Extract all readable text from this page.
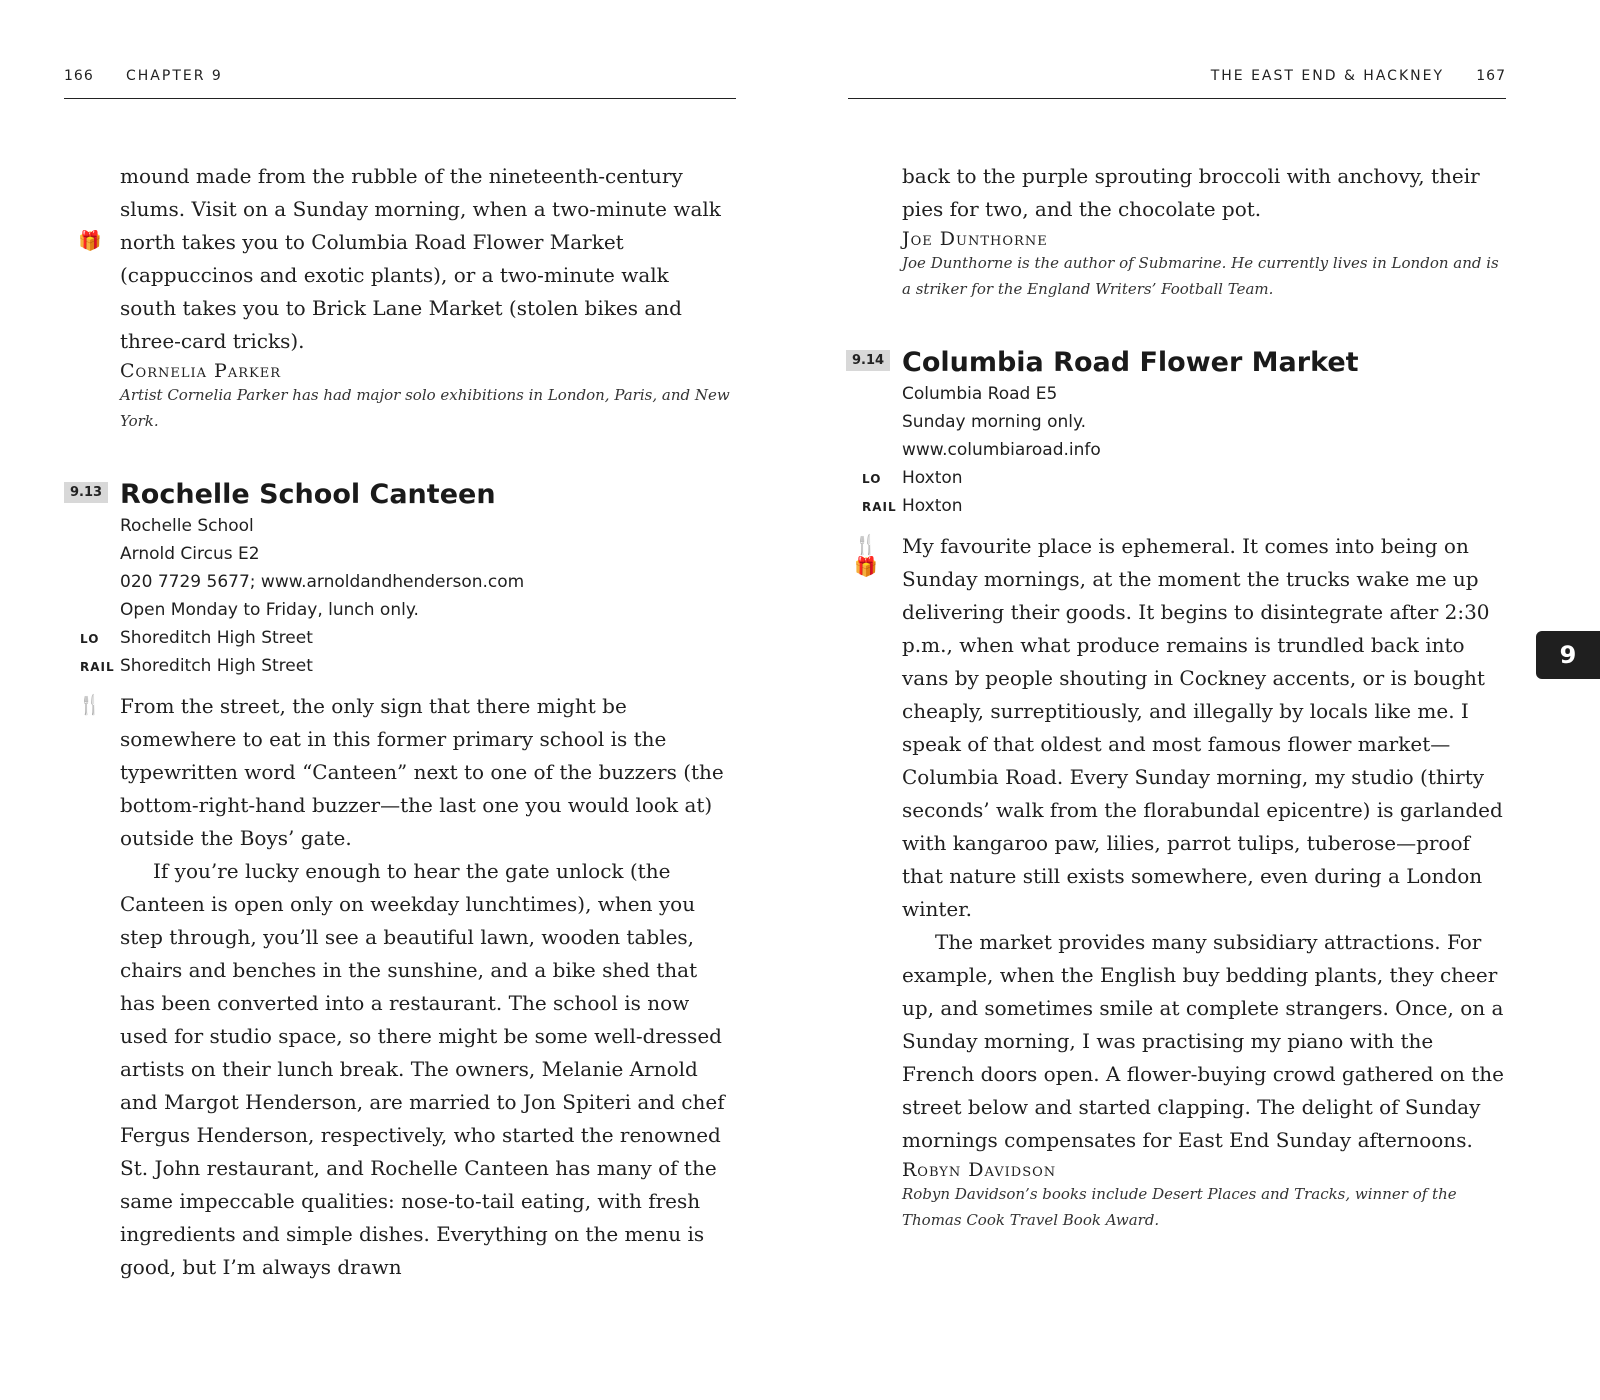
166 CHAPTER 9
🎁

mound made from the rubble of the nineteenth-century slums. Visit on a Sunday morning, when a two-minute walk north takes you to Columbia Road Flower Market (cappuccinos and exotic plants), or a two-minute walk south takes you to Brick Lane Market (stolen bikes and three-card tricks).

Cornelia Parker

Artist Cornelia Parker has had major solo exhibitions in London, Paris, and New York.

9.13 Rochelle School Canteen

Rochelle School

Arnold Circus E2

020 7729 5677; www.arnoldandhenderson.com

Open Monday to Friday, lunch only.

LO	Shoreditch High Street

RAIL Shoreditch High Street

🍴 From the street, the only sign that there might be somewhere to eat in this former primary school is the typewritten word “Canteen” next to one of the buzzers (the bottom-right-hand buzzer—the last one you would look at) outside the Boys’ gate.

If you’re lucky enough to hear the gate unlock (the Canteen is open only on weekday lunchtimes), when you step through, you’ll see a beautiful lawn, wooden tables, chairs and benches in the sunshine, and a bike shed that has been converted into a restaurant. The school is now used for studio space, so there might be some well-dressed artists on their lunch break. The owners, Melanie Arnold and Margot Henderson, are married to Jon Spiteri and chef Fergus Henderson, respectively, who started the renowned St. John restaurant, and Rochelle Canteen has many of the same impeccable qualities: nose-to-tail eating, with fresh ingredients and simple dishes. Everything on the menu is good, but I’m always drawn

THE EAST END & HACKNEY 167

back to the purple sprouting broccoli with anchovy, their pies for two, and the chocolate pot.

Joe Dunthorne

Joe Dunthorne is the author of Submarine. He currently lives in London and is a striker for the England Writers’ Football Team.

9.14 Columbia Road Flower Market

Columbia Road E5

Sunday morning only.

www.columbiaroad.info

LO	Hoxton

RAIL Hoxton

🍴🎁

My favourite place is ephemeral. It comes into being on Sunday mornings, at the moment the trucks wake me up delivering their goods. It begins to disintegrate after 2:30 p.m., when what produce remains is trundled back into vans by people shouting in Cockney accents, or is bought cheaply, surreptitiously, and illegally by locals like me. I speak of that oldest and most famous flower market—Columbia Road. Every Sunday morning, my studio (thirty seconds’ walk from the florabundal epicentre) is garlanded with kangaroo paw, lilies, parrot tulips, tuberose—proof that nature still exists somewhere, even during a London winter.

The market provides many subsidiary attractions. For example, when the English buy bedding plants, they cheer up, and sometimes smile at complete strangers. Once, on a Sunday morning, I was practising my piano with the French doors open. A flower-buying crowd gathered on the street below and started clapping. The delight of Sunday mornings compensates for East End Sunday afternoons.

Robyn Davidson

Robyn Davidson’s books include Desert Places and Tracks, winner of the Thomas Cook Travel Book Award.

9
